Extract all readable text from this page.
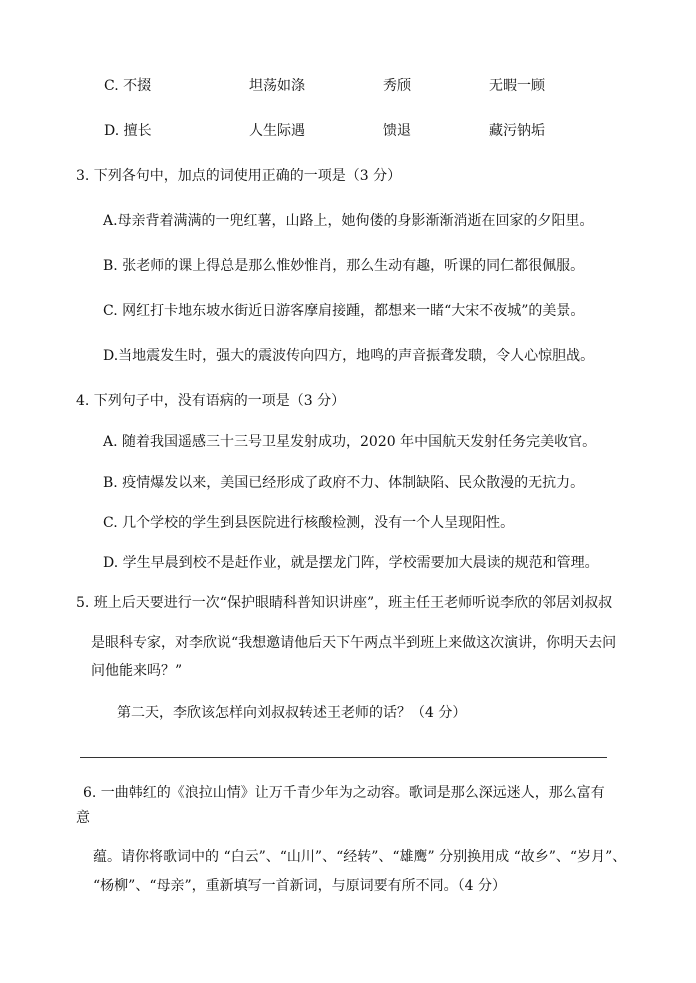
C. 不掇	坦荡如涤	秀颀	无暇一顾
D. 擅长	人生际遇	馈退	藏污钠垢
3. 下列各句中，加点的词使用正确的一项是（3 分）
A.母亲背着满满的一兜红薯，山路上，她佝偻的身影渐渐消逝在回家的夕阳里。
B. 张老师的课上得总是那么惟妙惟肖，那么生动有趣，听课的同仁都很佩服。
C. 网红打卡地东坡水街近日游客摩肩接踵，都想来一睹“大宋不夜城”的美景。
D.当地震发生时，强大的震波传向四方，地鸣的声音振聋发聩，令人心惊胆战。
4. 下列句子中，没有语病的一项是（3 分）
A. 随着我国遥感三十三号卫星发射成功，2020 年中国航天发射任务完美收官。
B. 疫情爆发以来，美国已经形成了政府不力、体制缺陷、民众散漫的无抗力。
C. 几个学校的学生到县医院进行核酸检测，没有一个人呈现阳性。
D. 学生早晨到校不是赶作业，就是摆龙门阵，学校需要加大晨读的规范和管理。
5. 班上后天要进行一次“保护眼睛科普知识讲座”，班主任王老师听说李欣的邻居刘叔叔
是眼科专家，对李欣说“我想邀请他后天下午两点半到班上来做这次演讲，你明天去问
问他能来吗？”
第二天，李欣该怎样向刘叔叔转述王老师的话？（4 分）
6. 一曲韩红的《浪拉山情》让万千青少年为之动容。歌词是那么深远迷人，那么富有
意
蕴。请你将歌词中的 “白云”、“山川”、“经转”、“雄鹰” 分别换用成 “故乡”、“岁月”、
“杨柳”、“母亲”，重新填写一首新词，与原词要有所不同。（4 分）
